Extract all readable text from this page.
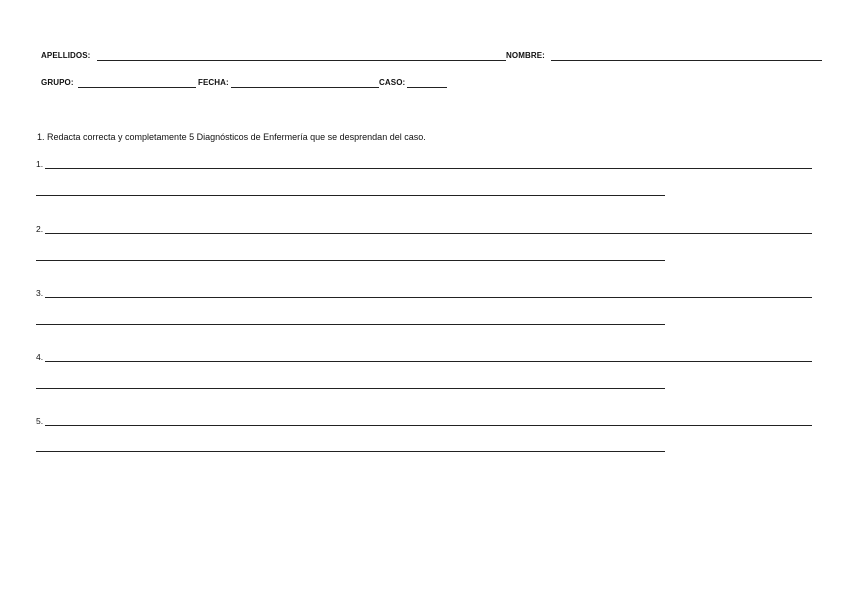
APELLIDOS:	NOMBRE:
GRUPO:	FECHA:	CASO:
1. Redacta correcta y completamente 5 Diagnósticos de Enfermería que se desprendan del caso.
1.
2.
3.
4.
5.
